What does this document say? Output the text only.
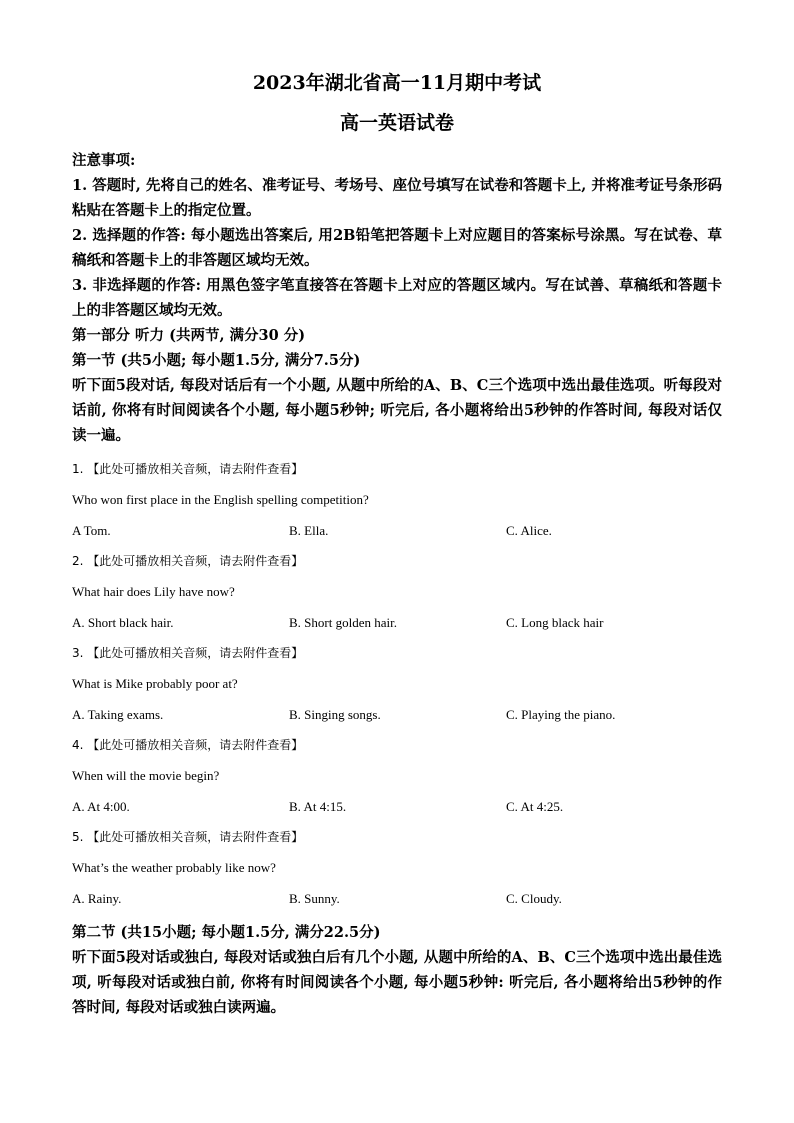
2023年湖北省高一11月期中考试
高一英语试卷

注意事项:

1. 答题时, 先将自己的姓名、准考证号、考场号、座位号填写在试卷和答题卡上, 并将准考证号条形码粘贴在答题卡上的指定位置。

2. 选择题的作答: 每小题选出答案后, 用2B铅笔把答题卡上对应题目的答案标号涂黑。写在试卷、草稿纸和答题卡上的非答题区域均无效。

3. 非选择题的作答: 用黑色签字笔直接答在答题卡上对应的答题区域内。写在试善、草稿纸和答题卡上的非答题区域均无效。

第一部分 听力 (共两节, 满分30 分)

第一节 (共5小题; 每小题1.5分, 满分7.5分)

听下面5段对话, 每段对话后有一个小题, 从题中所给的A、B、C三个选项中选出最佳选项。听每段对话前, 你将有时间阅读各个小题, 每小题5秒钟; 听完后, 各小题将给出5秒钟的作答时间, 每段对话仅读一遍。

1. 【此处可播放相关音频，请去附件查看】

Who won first place in the English spelling competition?

A Tom.	B. Ella.	C. Alice.

2. 【此处可播放相关音频，请去附件查看】

What hair does Lily have now?

A. Short black hair.	B. Short golden hair.	C. Long black hair

3. 【此处可播放相关音频，请去附件查看】

What is Mike probably poor at?

A. Taking exams.	B. Singing songs.	C. Playing the piano.

4. 【此处可播放相关音频，请去附件查看】

When will the movie begin?

A. At 4:00.	B. At 4:15.	C. At 4:25.

5. 【此处可播放相关音频，请去附件查看】

What’s the weather probably like now?

A. Rainy.	B. Sunny.	C. Cloudy.

第二节 (共15小题; 每小题1.5分, 满分22.5分)

听下面5段对话或独白, 每段对话或独白后有几个小题, 从题中所给的A、B、C三个选项中选出最佳选项, 听每段对话或独白前, 你将有时间阅读各个小题, 每小题5秒钟: 听完后, 各小题将给出5秒钟的作答时间, 每段对话或独白读两遍。
